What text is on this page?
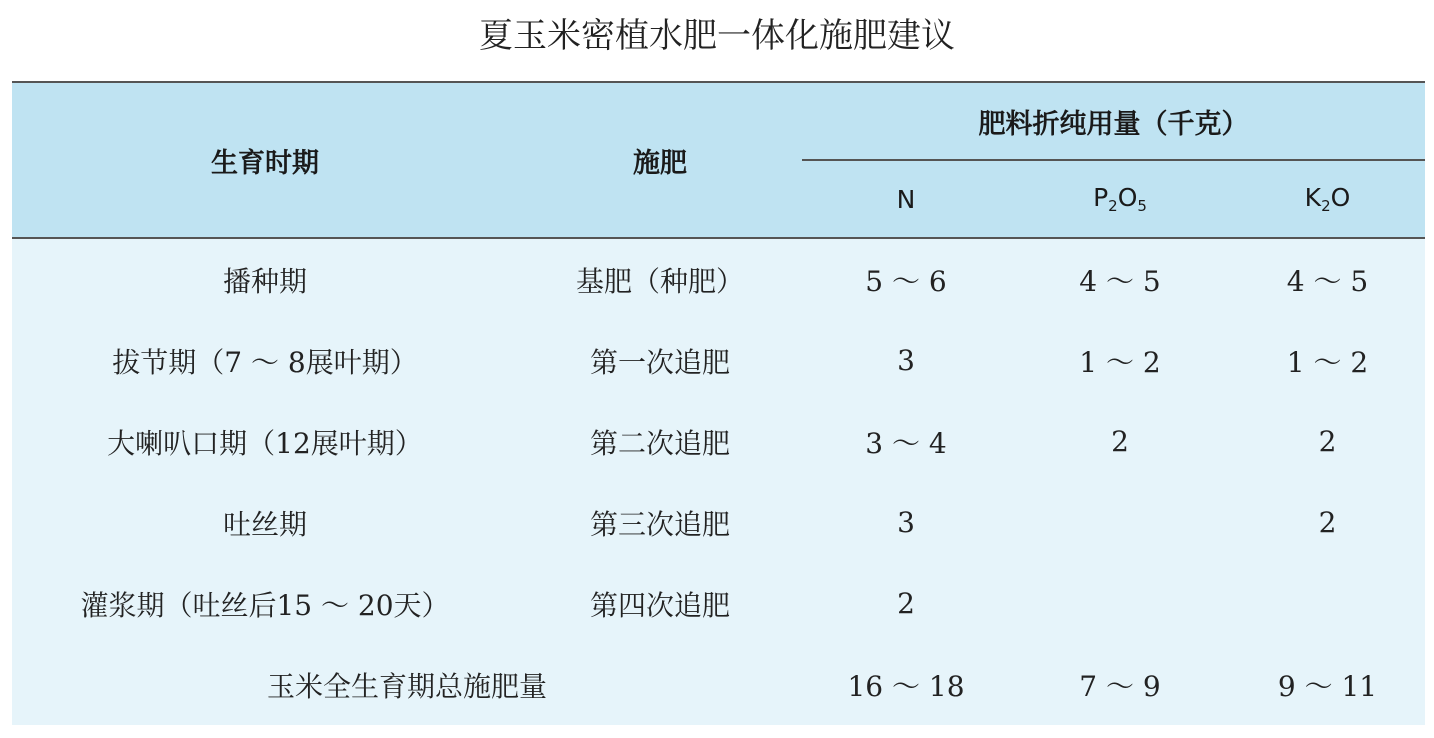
夏玉米密植水肥一体化施肥建议
生育时期	施肥	肥料折纯用量（千克）		
		N	$P_2O_5$	$K_2O$
播种期	基肥（种肥）	5 ～ 6	4 ～ 5	4 ～ 5
拔节期（7 ～ 8展叶期）	第一次追肥	3	1 ～ 2	1 ～ 2
大喇叭口期（12展叶期）	第二次追肥	3 ～ 4	2	2
吐丝期	第三次追肥	3		2
灌浆期（吐丝后15 ～ 20天）	第四次追肥	2		
玉米全生育期总施肥量		16 ～ 18	7 ～ 9	9 ～ 11
